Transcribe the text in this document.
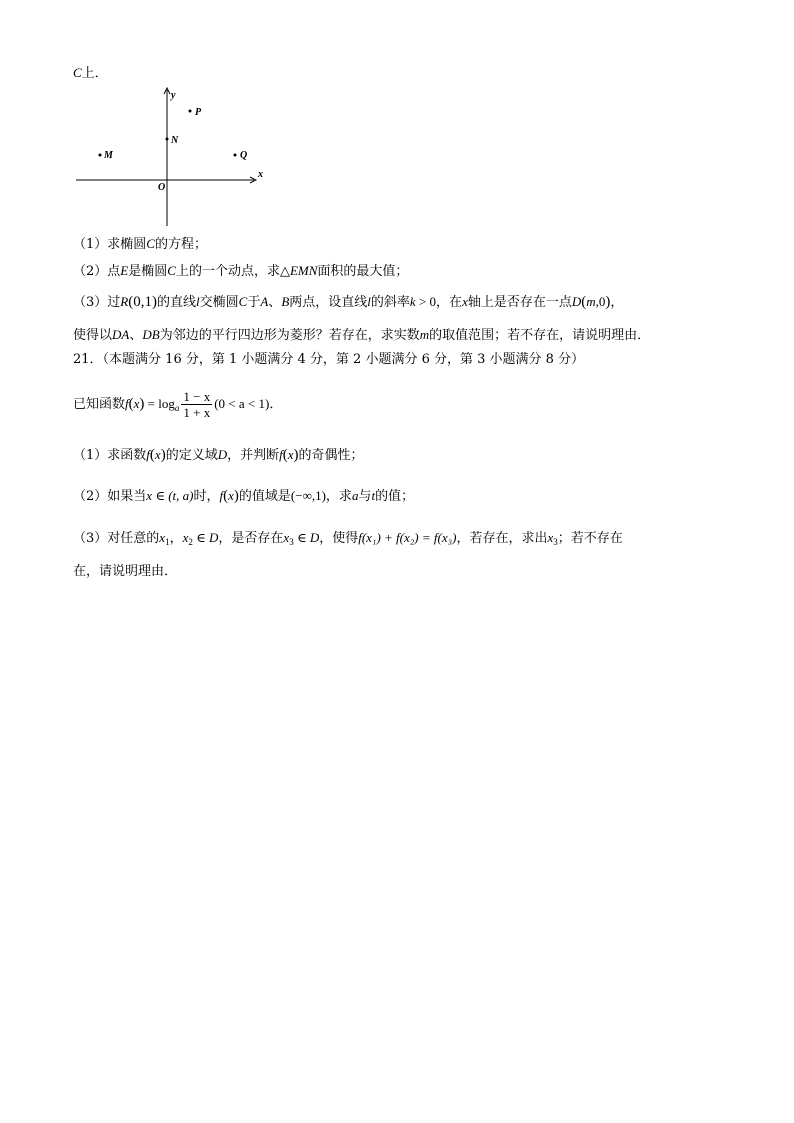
C上．
x
y
O
P
N
M	Q
（1）求椭圆C的方程；
（2）点E是椭圆C上的一个动点，求△EMN面积的最大值；
（3）过R(0,1)的直线l交椭圆C于A、B两点，设直线l的斜率k > 0，在x轴上是否存在一点D(m,0)，
使得以DA、DB为邻边的平行四边形为菱形？若存在，求实数m的取值范围；若不存在，请说明理由．
21．（本题满分 16 分，第 1 小题满分 4 分，第 2 小题满分 6 分，第 3 小题满分 8 分）
已知函数$f(x) = \log_a \frac{1 - x}{1 + x} (0 < a < 1)$．
（1）求函数f(x)的定义域D，并判断f(x)的奇偶性；
（2）如果当x ∈ (t, a)时，f(x)的值域是(−∞,1)，求a与t的值；
（3）对任意的$x_1$，$x_2$ ∈ D，是否存在$x_3$ ∈ D，使得f(x₁) + f(x₂) = f(x₃)，若存在，求出$x_3$；若不存在
在，请说明理由．
